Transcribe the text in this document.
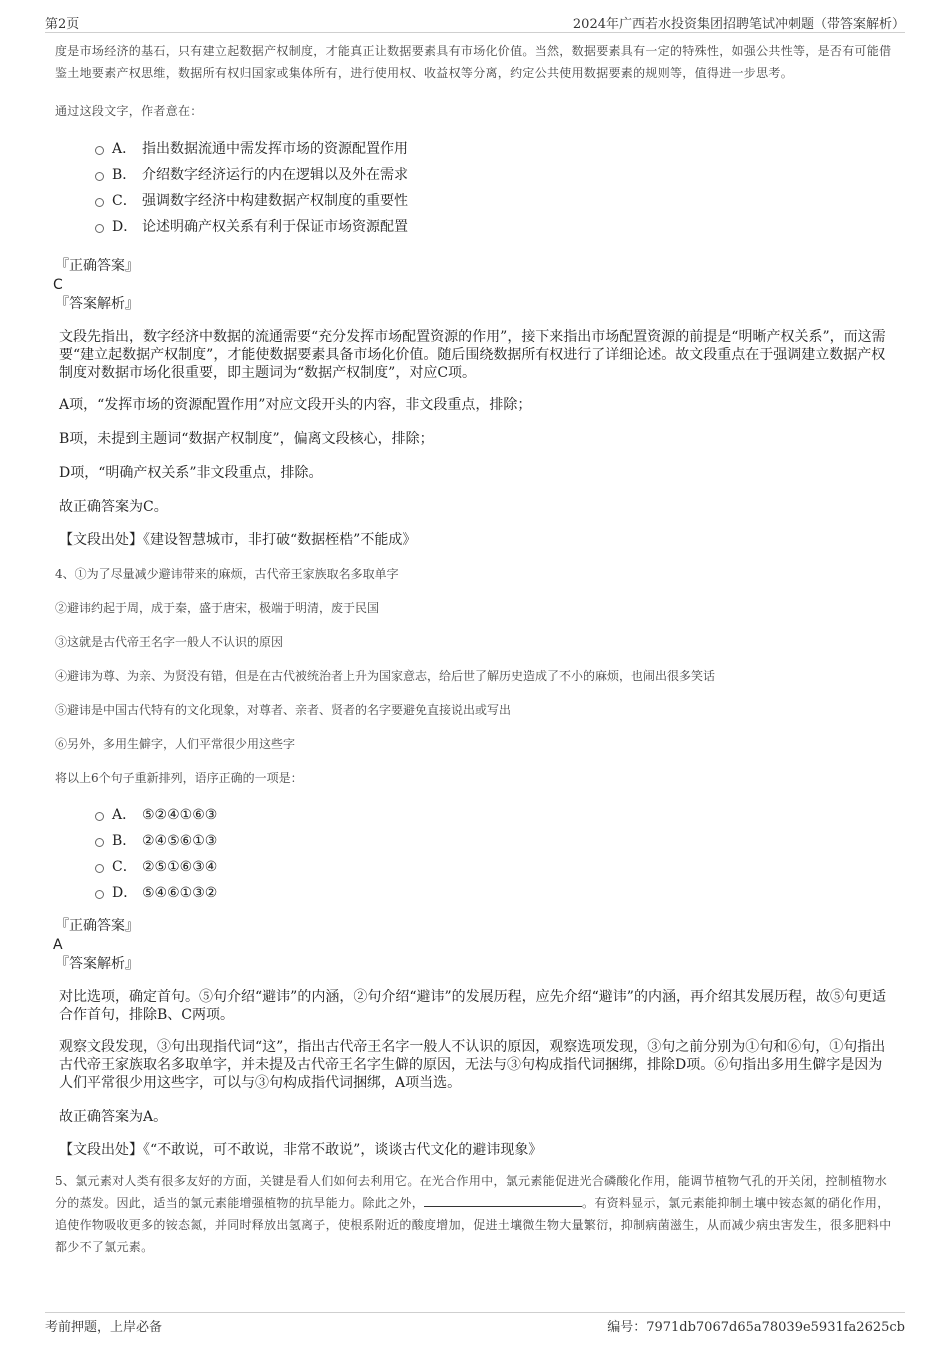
第2页	2024年广西若水投资集团招聘笔试冲刺题（带答案解析）

度是市场经济的基石，只有建立起数据产权制度，才能真正让数据要素具有市场化价值。当然，数据要素具有一定的特殊性，如强公共性等，是否有可能借鉴土地要素产权思维，数据所有权归国家或集体所有，进行使用权、收益权等分离，约定公共使用数据要素的规则等，值得进一步思考。

通过这段文字，作者意在：

A． 指出数据流通中需发挥市场的资源配置作用
B． 介绍数字经济运行的内在逻辑以及外在需求
C． 强调数字经济中构建数据产权制度的重要性
D． 论述明确产权关系有利于保证市场资源配置

『正确答案』

C

『答案解析』

文段先指出，数字经济中数据的流通需要“充分发挥市场配置资源的作用”，接下来指出市场配置资源的前提是“明晰产权关系”，而这需要“建立起数据产权制度”，才能使数据要素具备市场化价值。随后围绕数据所有权进行了详细论述。故文段重点在于强调建立数据产权制度对数据市场化很重要，即主题词为“数据产权制度”，对应C项。

A项，“发挥市场的资源配置作用”对应文段开头的内容，非文段重点，排除；

B项，未提到主题词“数据产权制度”，偏离文段核心，排除；

D项，“明确产权关系”非文段重点，排除。

故正确答案为C。

【文段出处】《建设智慧城市，非打破“数据桎梏”不能成》

4、①为了尽量减少避讳带来的麻烦，古代帝王家族取名多取单字

②避讳约起于周，成于秦，盛于唐宋，极端于明清，废于民国

③这就是古代帝王名字一般人不认识的原因

④避讳为尊、为亲、为贤没有错，但是在古代被统治者上升为国家意志，给后世了解历史造成了不小的麻烦，也闹出很多笑话

⑤避讳是中国古代特有的文化现象，对尊者、亲者、贤者的名字要避免直接说出或写出

⑥另外，多用生僻字，人们平常很少用这些字

将以上6个句子重新排列，语序正确的一项是：

A． ⑤②④①⑥③
B． ②④⑤⑥①③
C． ②⑤①⑥③④
D． ⑤④⑥①③②

『正确答案』

A

『答案解析』

对比选项，确定首句。⑤句介绍“避讳”的内涵，②句介绍“避讳”的发展历程，应先介绍“避讳”的内涵，再介绍其发展历程，故⑤句更适合作首句，排除B、C两项。

观察文段发现，③句出现指代词“这”，指出古代帝王名字一般人不认识的原因，观察选项发现，③句之前分别为①句和⑥句，①句指出古代帝王家族取名多取单字，并未提及古代帝王名字生僻的原因，无法与③句构成指代词捆绑，排除D项。⑥句指出多用生僻字是因为人们平常很少用这些字，可以与③句构成指代词捆绑，A项当选。

故正确答案为A。

【文段出处】《“不敢说，可不敢说，非常不敢说”，谈谈古代文化的避讳现象》

5、氯元素对人类有很多友好的方面，关键是看人们如何去利用它。在光合作用中，氯元素能促进光合磷酸化作用，能调节植物气孔的开关闭，控制植物水分的蒸发。因此，适当的氯元素能增强植物的抗旱能力。除此之外，	。有资料显示，氯元素能抑制土壤中铵态氮的硝化作用，追使作物吸收更多的铵态氮，并同时释放出氢离子，使根系附近的酸度增加，促进土壤微生物大量繁衍，抑制病菌滋生，从而减少病虫害发生，很多肥料中都少不了氯元素。

考前押题，上岸必备	编号：7971db7067d65a78039e5931fa2625cb
